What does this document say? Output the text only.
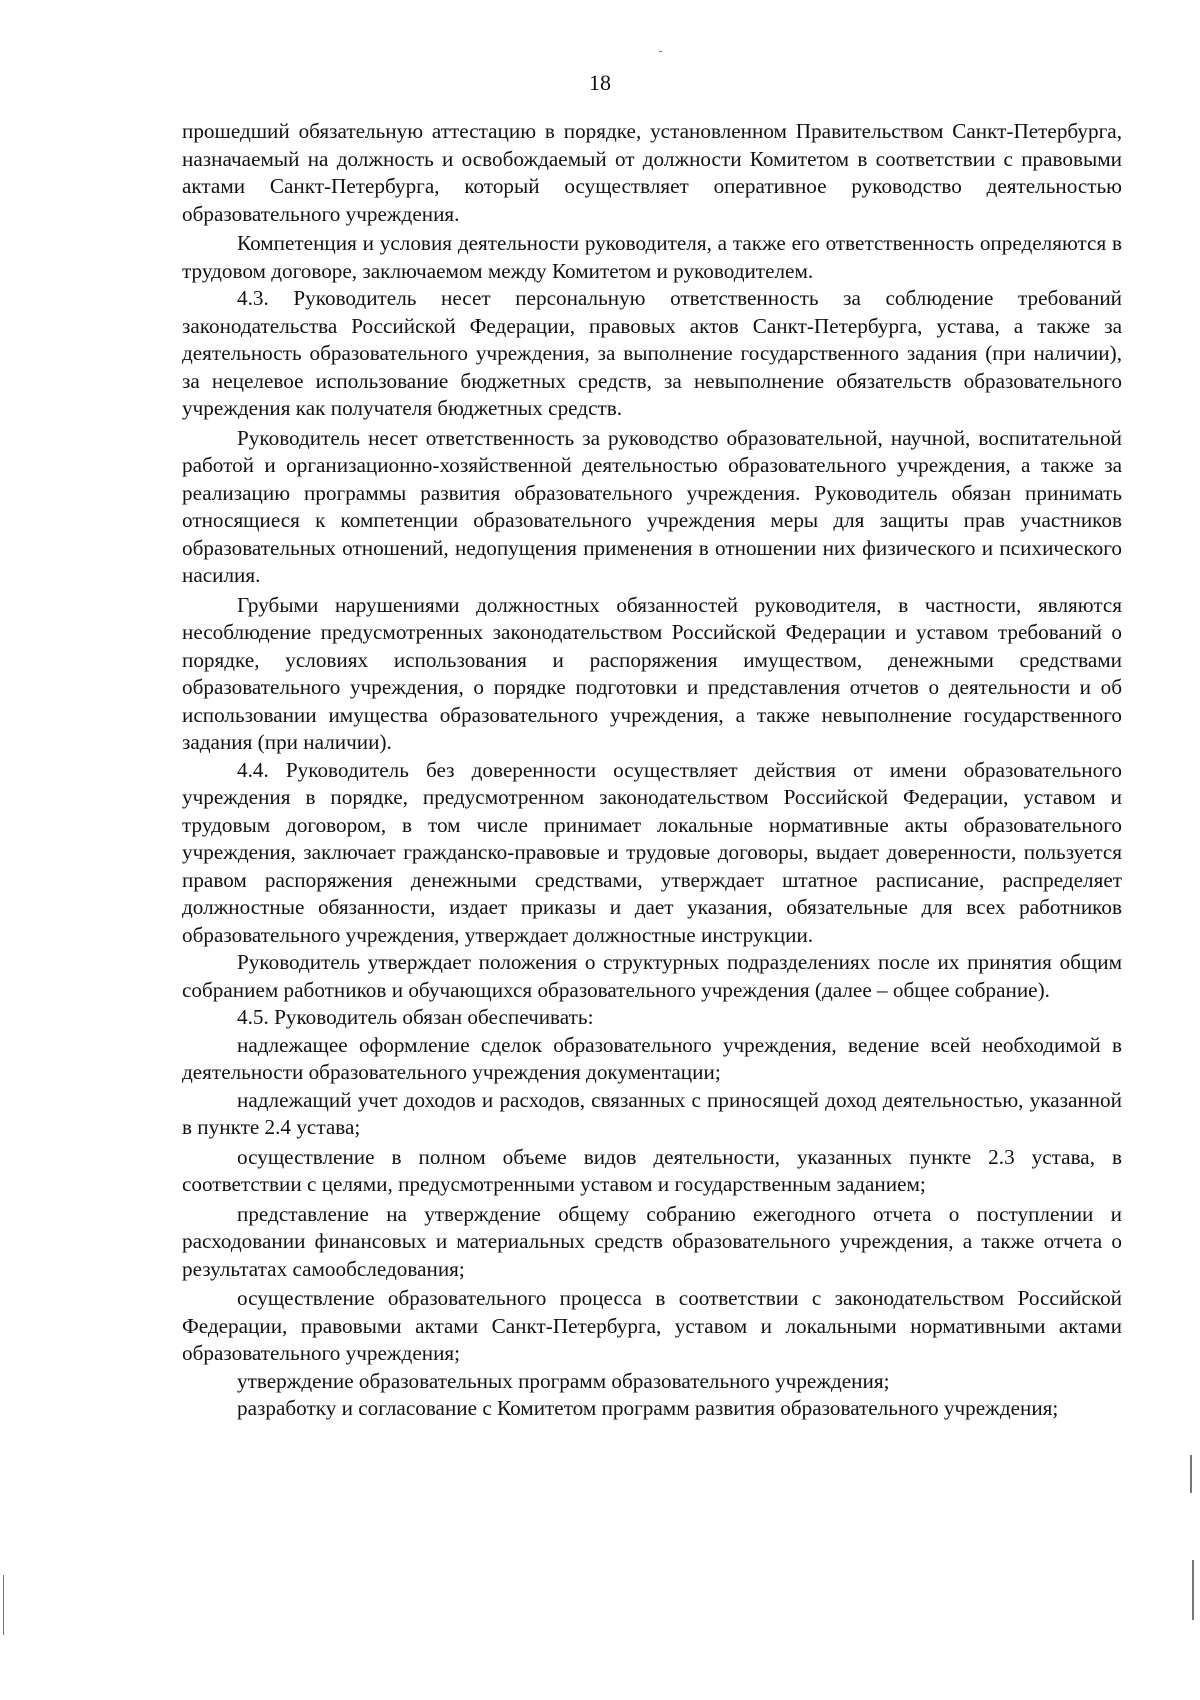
18

прошедший обязательную аттестацию в порядке, установленном Правительством Санкт-Петербурга, назначаемый на должность и освобождаемый от должности Комитетом в соответствии с правовыми актами Санкт-Петербурга, который осуществляет оперативное руководство деятельностью образовательного учреждения.

Компетенция и условия деятельности руководителя, а также его ответственность определяются в трудовом договоре, заключаемом между Комитетом и руководителем.

4.3. Руководитель несет персональную ответственность за соблюдение требований законодательства Российской Федерации, правовых актов Санкт-Петербурга, устава, а также за деятельность образовательного учреждения, за выполнение государственного задания (при наличии), за нецелевое использование бюджетных средств, за невыполнение обязательств образовательного учреждения как получателя бюджетных средств.

Руководитель несет ответственность за руководство образовательной, научной, воспитательной работой и организационно-хозяйственной деятельностью образовательного учреждения, а также за реализацию программы развития образовательного учреждения. Руководитель обязан принимать относящиеся к компетенции образовательного учреждения меры для защиты прав участников образовательных отношений, недопущения применения в отношении них физического и психического насилия.

Грубыми нарушениями должностных обязанностей руководителя, в частности, являются несоблюдение предусмотренных законодательством Российской Федерации и уставом требований о порядке, условиях использования и распоряжения имуществом, денежными средствами образовательного учреждения, о порядке подготовки и представления отчетов о деятельности и об использовании имущества образовательного учреждения, а также невыполнение государственного задания (при наличии).

4.4. Руководитель без доверенности осуществляет действия от имени образовательного учреждения в порядке, предусмотренном законодательством Российской Федерации, уставом и трудовым договором, в том числе принимает локальные нормативные акты образовательного учреждения, заключает гражданско-правовые и трудовые договоры, выдает доверенности, пользуется правом распоряжения денежными средствами, утверждает штатное расписание, распределяет должностные обязанности, издает приказы и дает указания, обязательные для всех работников образовательного учреждения, утверждает должностные инструкции.

Руководитель утверждает положения о структурных подразделениях после их принятия общим собранием работников и обучающихся образовательного учреждения (далее – общее собрание).

4.5. Руководитель обязан обеспечивать:

надлежащее оформление сделок образовательного учреждения, ведение всей необходимой в деятельности образовательного учреждения документации;

надлежащий учет доходов и расходов, связанных с приносящей доход деятельностью, указанной в пункте 2.4 устава;

осуществление в полном объеме видов деятельности, указанных пункте 2.3 устава, в соответствии с целями, предусмотренными уставом и государственным заданием;

представление на утверждение общему собранию ежегодного отчета о поступлении и расходовании финансовых и материальных средств образовательного учреждения, а также отчета о результатах самообследования;

осуществление образовательного процесса в соответствии с законодательством Российской Федерации, правовыми актами Санкт-Петербурга, уставом и локальными нормативными актами образовательного учреждения;

утверждение образовательных программ образовательного учреждения;

разработку и согласование с Комитетом программ развития образовательного учреждения;
